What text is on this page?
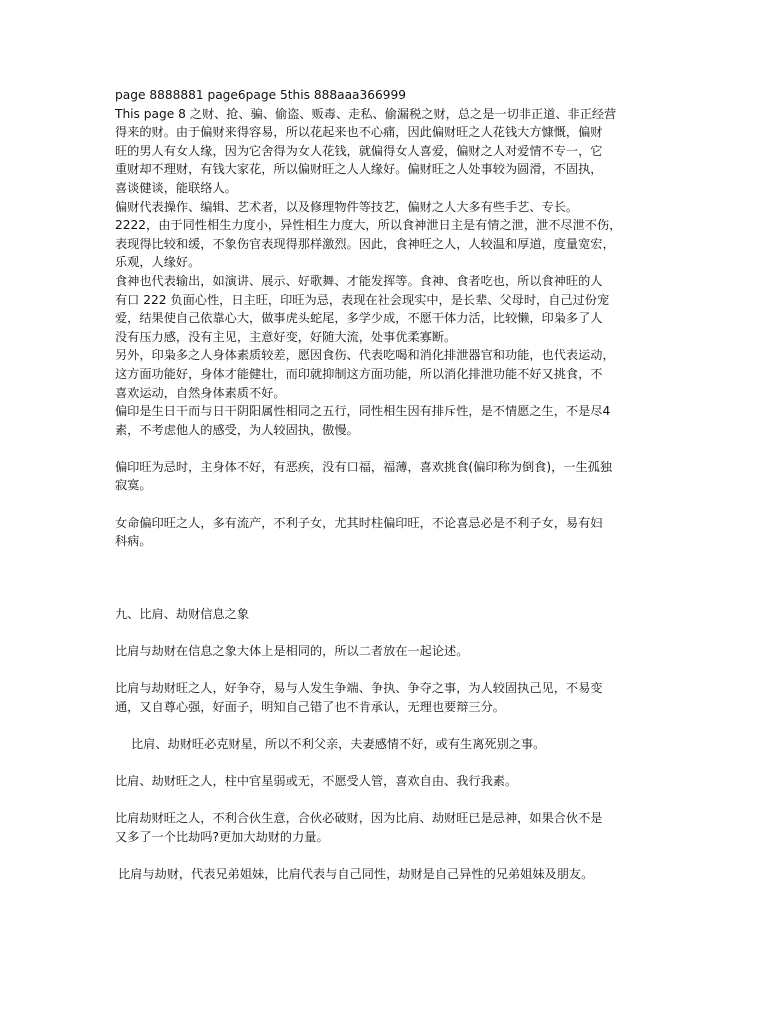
page 8888881 page6page 5this 888aaa366999
This page 8 之财、抢、骗、偷盗、贩毒、走私、偷漏税之财，总之是一切非正道、非正经营
得来的财。由于偏财来得容易，所以花起来也不心痛，因此偏财旺之人花钱大方慷慨，偏财
旺的男人有女人缘，因为它舍得为女人花钱，就偏得女人喜爱，偏财之人对爱情不专一，它
重财却不理财，有钱大家花，所以偏财旺之人人缘好。偏财旺之人处事较为圆滑，不固执，
喜谈健谈，能联络人。
偏财代表操作、编辑、艺术者，以及修理物件等技艺，偏财之人大多有些手艺、专长。
2222，由于同性相生力度小，异性相生力度大，所以食神泄日主是有情之泄，泄不尽泄不伤，
表现得比较和缓，不象伤官表现得那样激烈。因此，食神旺之人，人较温和厚道，度量宽宏，
乐观，人缘好。
食神也代表输出，如演讲、展示、好歌舞、才能发挥等。食神、食者吃也，所以食神旺的人
有口 222 负面心性，日主旺，印旺为忌，表现在社会现实中，是长辈、父母时，自己过份宠
爱，结果使自己依靠心大，做事虎头蛇尾，多学少成，不愿干体力活，比较懒，印枭多了人
没有压力感，没有主见，主意好变，好随大流，处事优柔寡断。
另外，印枭多之人身体素质较差，愿因食伤、代表吃喝和消化排泄器官和功能，也代表运动，
这方面功能好，身体才能健壮，而印就抑制这方面功能，所以消化排泄功能不好又挑食，不
喜欢运动，自然身体素质不好。
偏印是生日干而与日干阴阳属性相同之五行，同性相生因有排斥性，是不情愿之生，不是尽4
素，不考虑他人的感受，为人较固执，傲慢。
偏印旺为忌时，主身体不好，有恶疾，没有口福，福薄，喜欢挑食(偏印称为倒食)，一生孤独
寂寞。
女命偏印旺之人，多有流产，不利子女，尤其时柱偏印旺，不论喜忌必是不利子女，易有妇
科病。
九、比肩、劫财信息之象
比肩与劫财在信息之象大体上是相同的，所以二者放在一起论述。
比肩与劫财旺之人，好争夺，易与人发生争端、争执、争夺之事，为人较固执己见，不易变
通，又自尊心强，好面子，明知自己错了也不肯承认，无理也要辩三分。
比肩、劫财旺必克财星，所以不利父亲，夫妻感情不好，或有生离死别之事。
比肩、劫财旺之人，柱中官星弱或无，不愿受人管，喜欢自由、我行我素。
比肩劫财旺之人，不利合伙生意，合伙必破财，因为比肩、劫财旺已是忌神，如果合伙不是
又多了一个比劫吗?更加大劫财的力量。
比肩与劫财，代表兄弟姐妹，比肩代表与自己同性，劫财是自己异性的兄弟姐妹及朋友。
